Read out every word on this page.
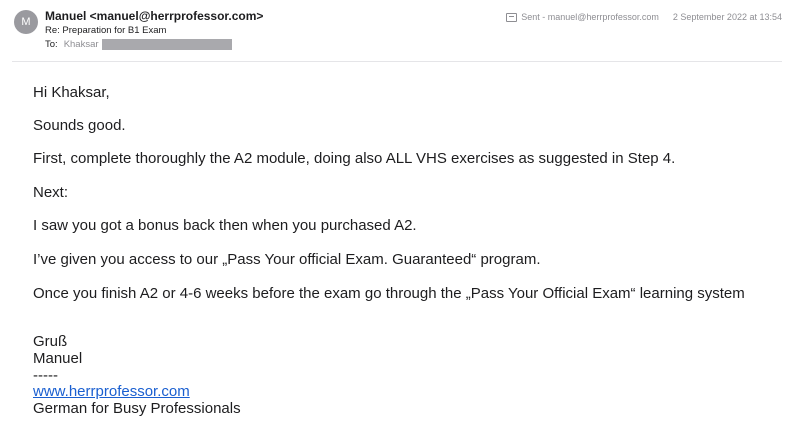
M	Manuel <manuel@herrprofessor.com>
Re: Preparation for B1 Exam
To: Khaksar
Sent - manuel@herrprofessor.com 2 September 2022 at 13:54
Hi Khaksar,
Sounds good.
First, complete thoroughly the A2 module, doing also ALL VHS exercises as suggested in Step 4.
Next:
I saw you got a bonus back then when you purchased A2.
I’ve given you access to our „Pass Your official Exam. Guaranteed“ program.
Once you finish A2 or 4-6 weeks before the exam go through the „Pass Your Official Exam“ learning system
Gruß
Manuel
-----
www.herrprofessor.com
German for Busy Professionals
